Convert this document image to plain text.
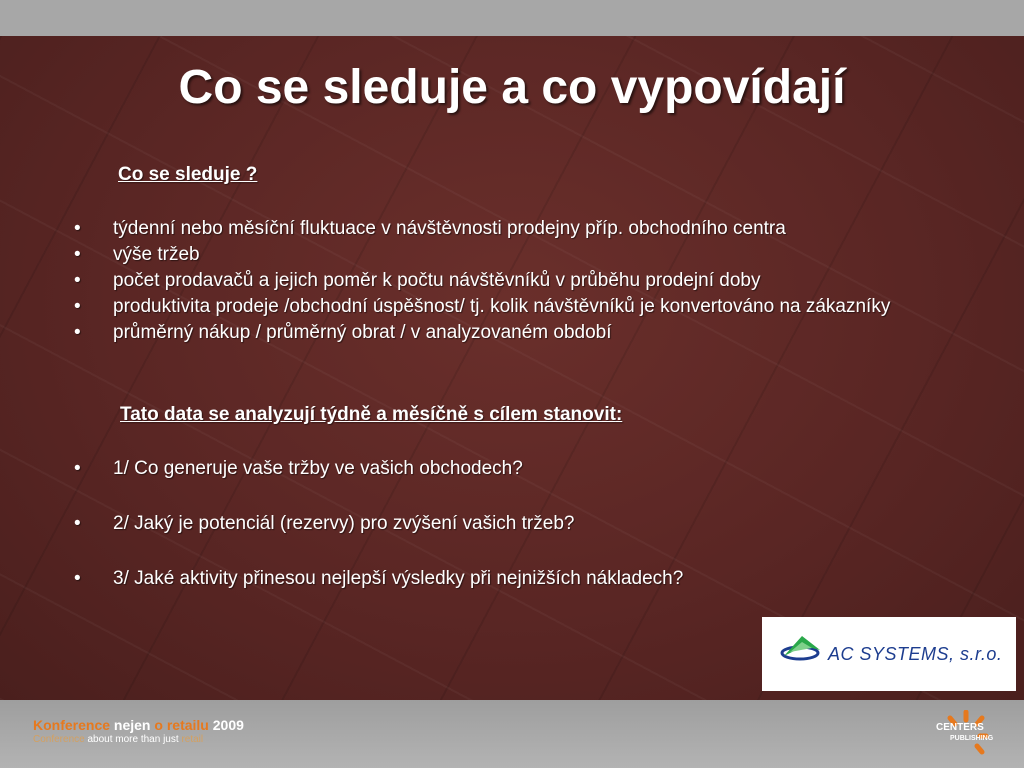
Co se sleduje a co vypovídají
Co se sleduje ?
• týdenní nebo měsíční fluktuace v návštěvnosti prodejny příp. obchodního centra
• výše tržeb
• počet prodavačů a jejich poměr k počtu návštěvníků v průběhu prodejní doby
• produktivita prodeje /obchodní úspěšnost/ tj. kolik návštěvníků je konvertováno na zákazníky
• průměrný nákup / průměrný obrat / v analyzovaném období
Tato data se analyzují týdně a měsíčně s cílem stanovit:
• 1/ Co generuje vaše tržby ve vašich obchodech?
• 2/ Jaký je potenciál (rezervy) pro zvýšení vašich tržeb?
• 3/ Jaké aktivity přinesou nejlepší výsledky při nejnižších nákladech?
AC SYSTEMS, s.r.o.
Konference nejen o retailu 2009
Conference about more than just retail
CENTERS
PUBLISHING
